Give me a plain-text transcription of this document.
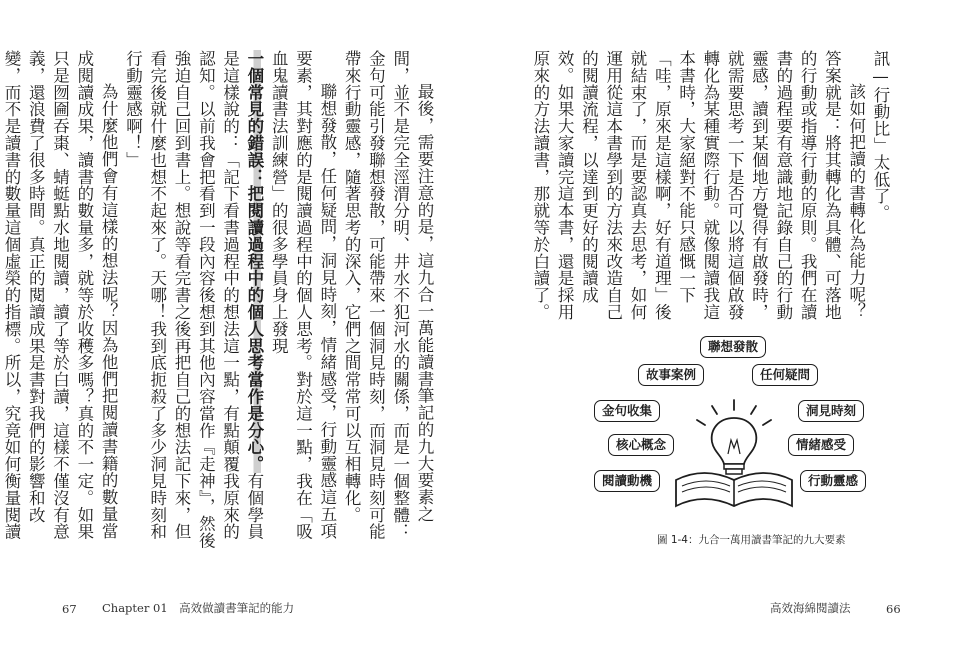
最後，需要注意的是，這九合一萬能讀書筆記的九大要素之間，並不是完全涇渭分明、井水不犯河水的關係，而是一個整體：金句可能引發聯想發散，可能帶來一個洞見時刻，而洞見時刻可能帶來行動靈感，隨著思考的深入，它們之間常常可以互相轉化。

聯想發散，任何疑問，洞見時刻，情緒感受，行動靈感這五項要素，其對應的是閱讀過程中的個人思考。對於這一點，我在「吸血鬼讀書法訓練營」的很多學員身上發現

一個常見的錯誤：把閱讀過程中的個人思考當作是分心。有個學員是這樣說的：「記下看書過程中的想法這一點，有點顛覆我原來的認知。以前我會把看到一段內容後想到其他內容當作『走神』，然後強迫自己回到書上。想說等看完書之後再把自己的想法記下來，但看完後就什麼也想不起來了。天哪！我到底扼殺了多少洞見時刻和行動靈感啊！」

為什麼他們會有這樣的想法呢？因為他們把閱讀書籍的數量當成閱讀成果，讀書的數量多，就等於收穫多嗎？真的不一定。如果只是囫圇吞棗、蜻蜓點水地閱讀，讀了等於白讀，這樣不僅沒有意義，還浪費了很多時間。真正的閱讀成果是書對我們的影響和改變，而不是讀書的數量這個虛榮的指標。所以，究竟如何衡量閱讀

67 Chapter 01　高效做讀書筆記的能力

訊—行動比」太低了。

該如何把讀的書轉化為能力呢？答案就是：將其轉化為具體、可落地的行動或指導行動的原則。我們在讀書的過程要有意識地記錄自己的行動靈感，讀到某個地方覺得有啟發時，就需要思考一下是否可以將這個啟發轉化為某種實際行動。就像閱讀我這本書時，大家絕對不能只感慨一下「哇，原來是這樣啊，好有道理」後就結束了，而是要認真去思考，如何運用從這本書學到的方法來改造自己的閱讀流程，以達到更好的閱讀成效。如果大家讀完這本書，還是採用原來的方法讀書，那就等於白讀了。

聯想發散
故事案例	任何疑問
金句收集	洞見時刻
核心概念	情緒感受
閱讀動機	行動靈感
圖 1-4：九合一萬用讀書筆記的九大要素
高效海綿閱讀法	66
